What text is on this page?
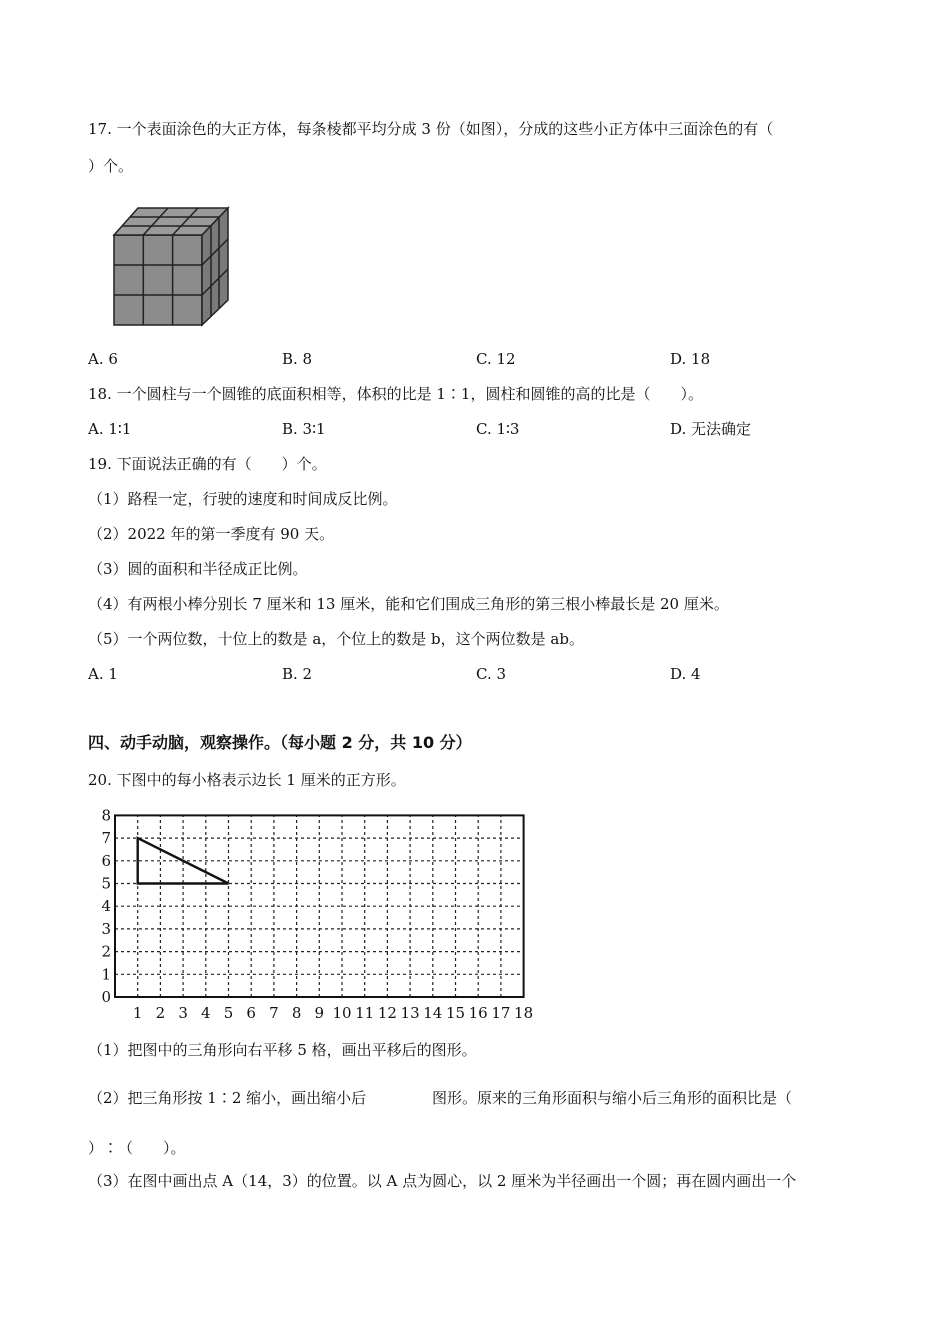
17. 一个表面涂色的大正方体，每条棱都平均分成 3 份（如图），分成的这些小正方体中三面涂色的有（
）个。
A. 6	B. 8	C. 12	D. 18
18. 一个圆柱与一个圆锥的底面积相等，体积的比是 1∶1，圆柱和圆锥的高的比是（　　）。
A. 1∶1	B. 3∶1	C. 1∶3	D. 无法确定
19. 下面说法正确的有（　　）个。
（1）路程一定，行驶的速度和时间成反比例。
（2）2022 年的第一季度有 90 天。
（3）圆的面积和半径成正比例。
（4）有两根小棒分别长 7 厘米和 13 厘米，能和它们围成三角形的第三根小棒最长是 20 厘米。
（5）一个两位数，十位上的数是 a，个位上的数是 b，这个两位数是 ab。
A. 1	B. 2	C. 3	D. 4
四、动手动脑，观察操作。（每小题 2 分，共 10 分）
20. 下图中的每小格表示边长 1 厘米的正方形。
0
1
2
3
4
5
6
7
8
1 2 3 4 5 6 7 8 9 10 11 12 13 14 15 16 17 18
（1）把图中的三角形向右平移 5 格，画出平移后的图形。
（2）把三角形按 1∶2 缩小，画出缩小后	图形。原来的三角形面积与缩小后三角形的面积比是（
）∶（　　）。
（3）在图中画出点 A（14，3）的位置。以 A 点为圆心，以 2 厘米为半径画出一个圆；再在圆内画出一个
